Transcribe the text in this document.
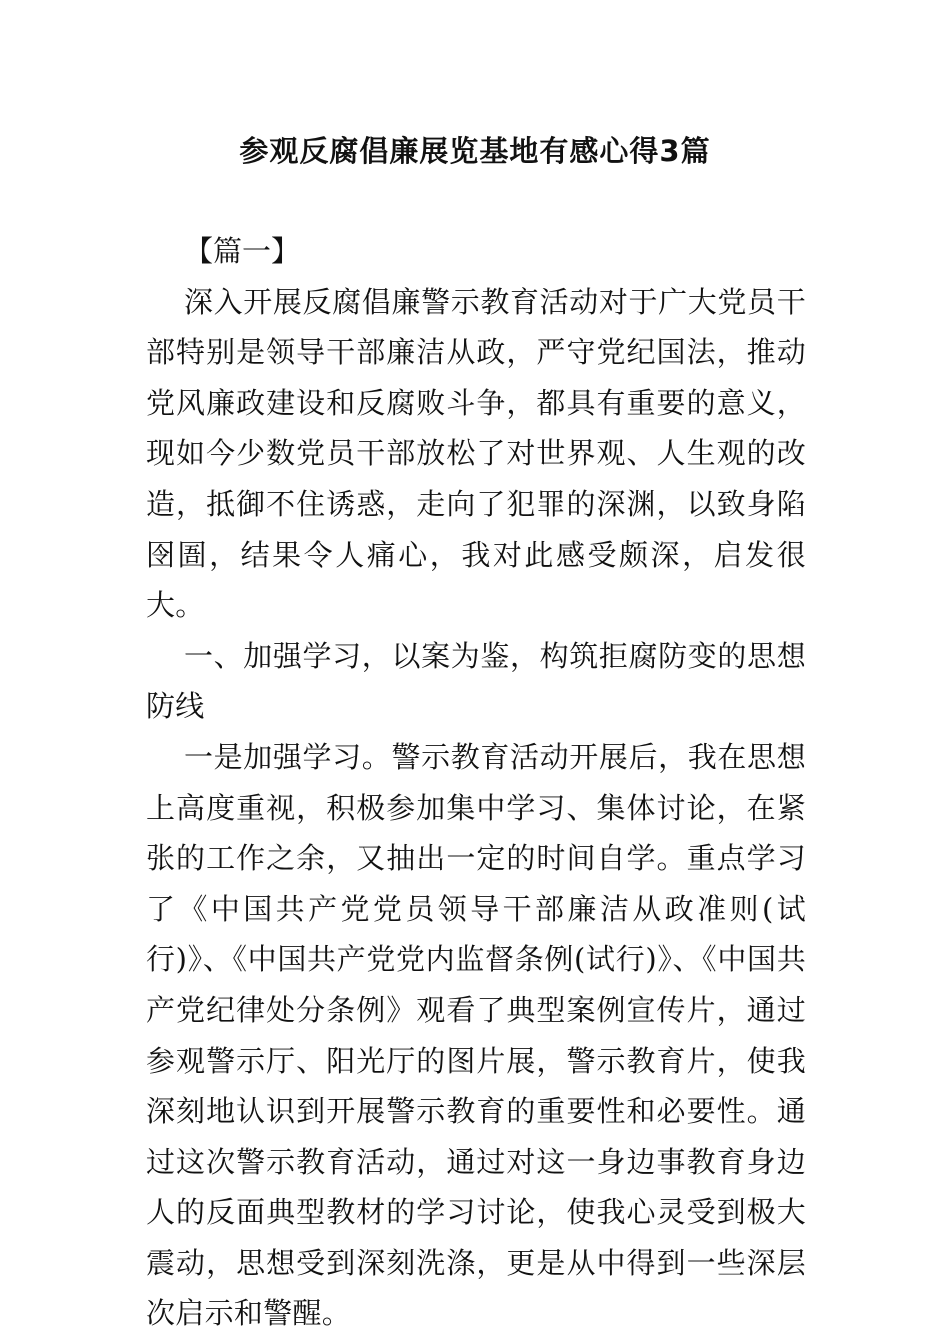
参观反腐倡廉展览基地有感心得3篇

【篇一】

深入开展反腐倡廉警示教育活动对于广大党员干部特别是领导干部廉洁从政，严守党纪国法，推动党风廉政建设和反腐败斗争，都具有重要的意义，现如今少数党员干部放松了对世界观、人生观的改造，抵御不住诱惑，走向了犯罪的深渊，以致身陷囹圄，结果令人痛心，我对此感受颇深，启发很大。

一、加强学习，以案为鉴，构筑拒腐防变的思想防线

一是加强学习。警示教育活动开展后，我在思想上高度重视，积极参加集中学习、集体讨论，在紧张的工作之余，又抽出一定的时间自学。重点学习了《中国共产党党员领导干部廉洁从政准则(试行)》、《中国共产党党内监督条例(试行)》、《中国共产党纪律处分条例》观看了典型案例宣传片，通过参观警示厅、阳光厅的图片展，警示教育片，使我深刻地认识到开展警示教育的重要性和必要性。通过这次警示教育活动，通过对这一身边事教育身边人的反面典型教材的学习讨论，使我心灵受到极大震动，思想受到深刻洗涤，更是从中得到一些深层次启示和警醒。
